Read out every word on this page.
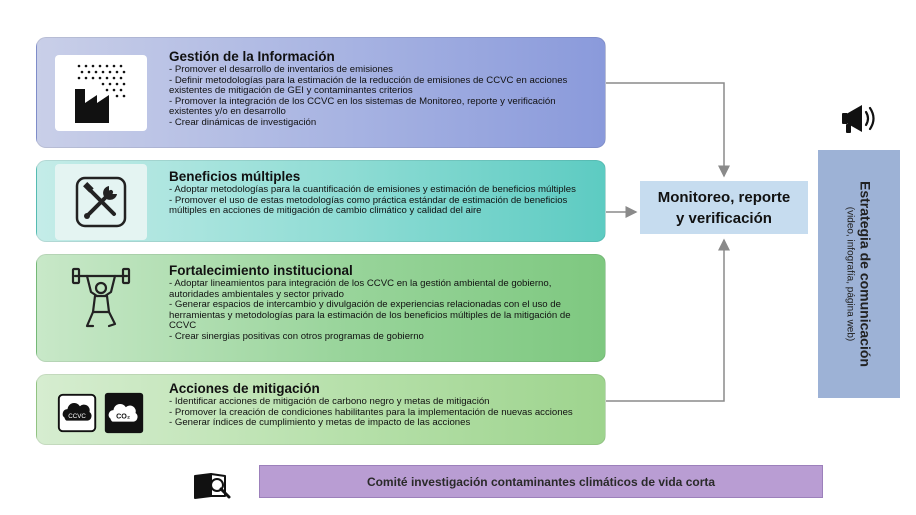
Gestión de la Información
- Promover el desarrollo de inventarios de emisiones
- Definir metodologías para la estimación de la reducción de emisiones de CCVC en acciones existentes de mitigación de GEI y contaminantes criterios
- Promover la integración de los CCVC en los sistemas de Monitoreo, reporte y verificación existentes y/o en desarrollo
- Crear dinámicas de investigación
Beneficios múltiples
- Adoptar metodologías para la cuantificación de emisiones y estimación de beneficios múltiples
- Promover el uso de estas metodologías como práctica estándar de estimación de beneficios múltiples en acciones de mitigación de cambio climático y calidad del aire
Fortalecimiento institucional
- Adoptar lineamientos para integración de los CCVC en la gestión ambiental de gobierno, autoridades ambientales y sector privado
- Generar espacios de intercambio y divulgación de experiencias relacionadas con el uso de herramientas y metodologías para la estimación de los beneficios múltiples de la mitigación de CCVC
- Crear sinergias positivas con otros programas de gobierno
CCVC	CO₂
Acciones de mitigación
- Identificar acciones de mitigación de carbono negro y metas de mitigación
- Promover la creación de condiciones habilitantes para la implementación de nuevas acciones
- Generar índices de cumplimiento y metas de impacto de las acciones
Monitoreo, reporte
y verificación	Estrategia de comunicación
(video, infografía, página web)
Comité investigación contaminantes climáticos de vida corta
